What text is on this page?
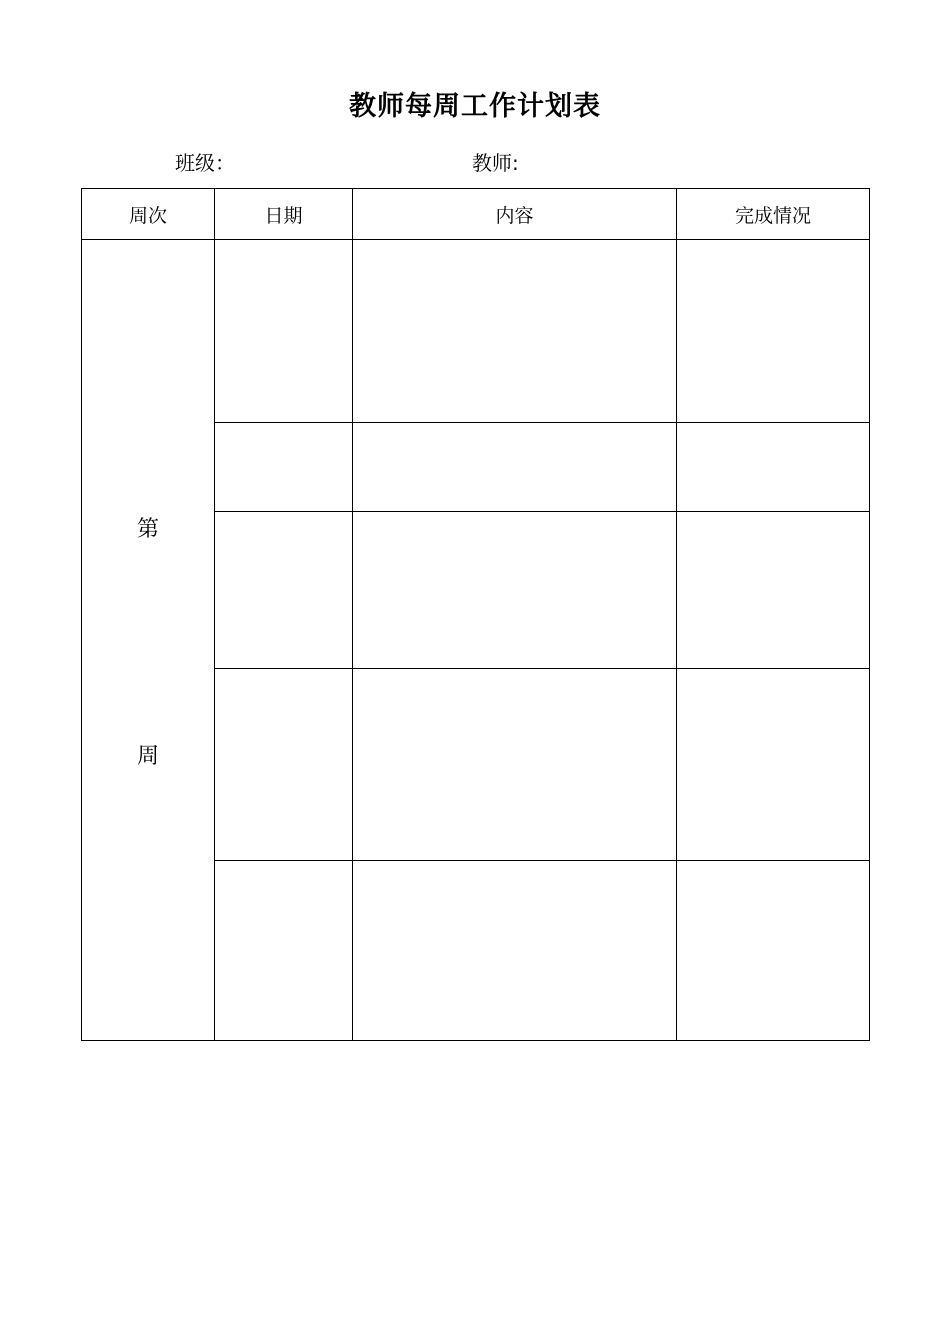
教师每周工作计划表
班级：	教师:
周次	日期	内容	完成情况

第
周			
